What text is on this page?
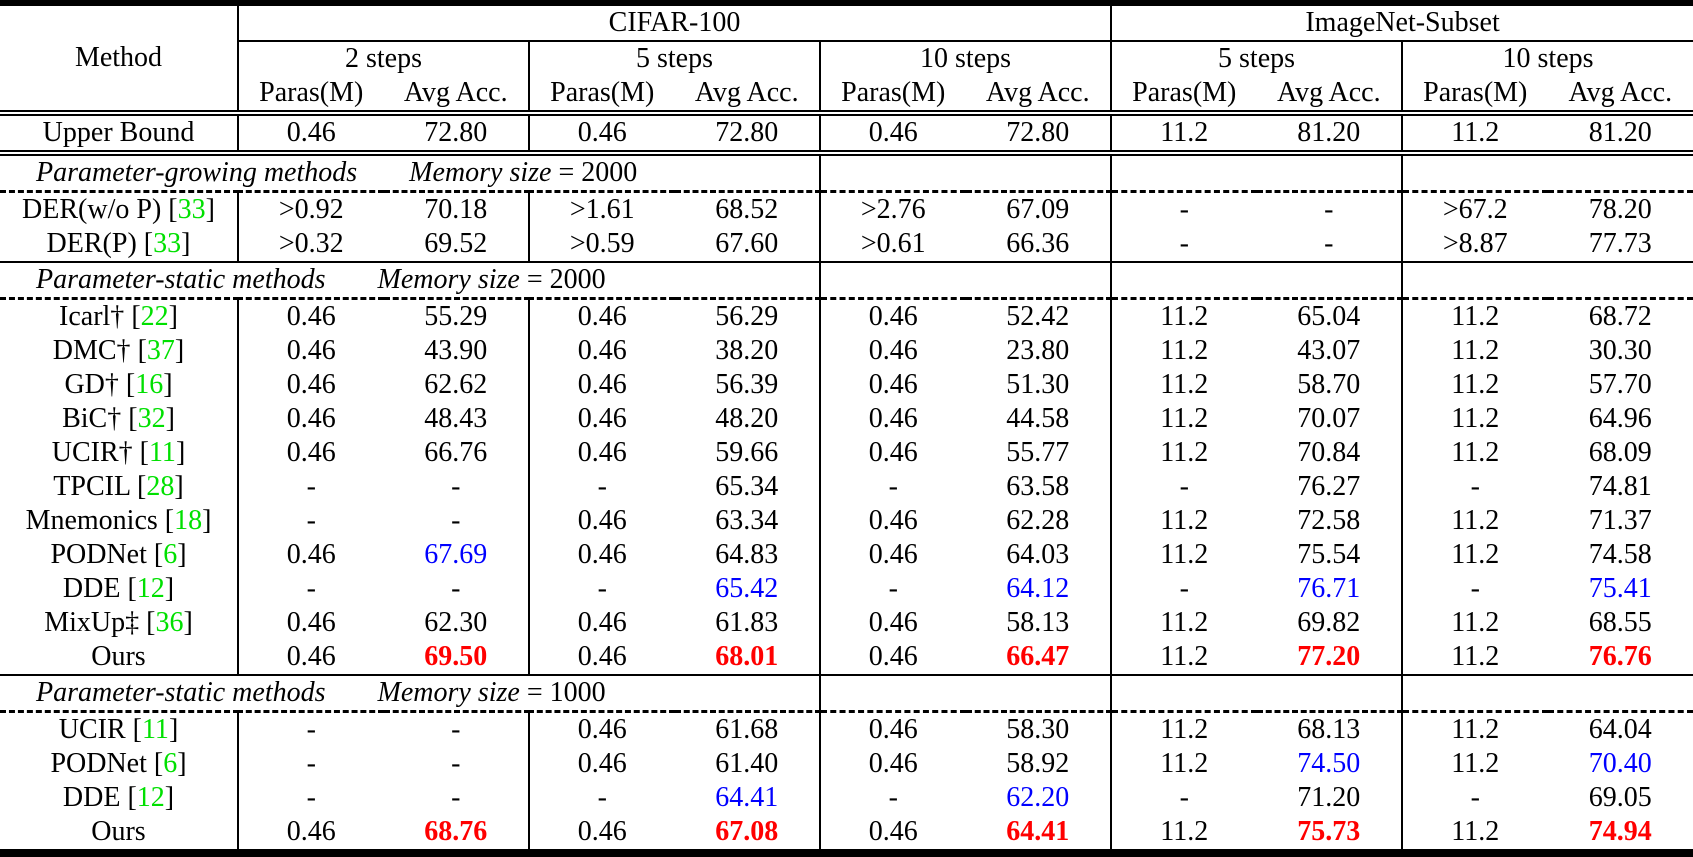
Method	CIFAR-100						ImageNet-Subset			
	2 steps		5 steps		10 steps		5 steps		10 steps	
	Paras(M)	Avg Acc.	Paras(M)	Avg Acc.	Paras(M)	Avg Acc.	Paras(M)	Avg Acc.	Paras(M)	Avg Acc.
Upper Bound	0.46	72.80	0.46	72.80	0.46	72.80	11.2	81.20	11.2	81.20
Parameter-growing methods Memory size = 2000										
DER(w/o P) [33]	>0.92	70.18	>1.61	68.52	>2.76	67.09	-	-	>67.2	78.20
DER(P) [33]	>0.32	69.52	>0.59	67.60	>0.61	66.36	-	-	>8.87	77.73
Parameter-static methods Memory size = 2000										
Icarl† [22]	0.46	55.29	0.46	56.29	0.46	52.42	11.2	65.04	11.2	68.72
DMC† [37]	0.46	43.90	0.46	38.20	0.46	23.80	11.2	43.07	11.2	30.30
GD† [16]	0.46	62.62	0.46	56.39	0.46	51.30	11.2	58.70	11.2	57.70
BiC† [32]	0.46	48.43	0.46	48.20	0.46	44.58	11.2	70.07	11.2	64.96
UCIR† [11]	0.46	66.76	0.46	59.66	0.46	55.77	11.2	70.84	11.2	68.09
TPCIL [28]	-	-	-	65.34	-	63.58	-	76.27	-	74.81
Mnemonics [18]	-	-	0.46	63.34	0.46	62.28	11.2	72.58	11.2	71.37
PODNet [6]	0.46	67.69	0.46	64.83	0.46	64.03	11.2	75.54	11.2	74.58
DDE [12]	-	-	-	65.42	-	64.12	-	76.71	-	75.41
MixUp‡ [36]	0.46	62.30	0.46	61.83	0.46	58.13	11.2	69.82	11.2	68.55
Ours	0.46	69.50	0.46	68.01	0.46	66.47	11.2	77.20	11.2	76.76
Parameter-static methods Memory size = 1000										
UCIR [11]	-	-	0.46	61.68	0.46	58.30	11.2	68.13	11.2	64.04
PODNet [6]	-	-	0.46	61.40	0.46	58.92	11.2	74.50	11.2	70.40
DDE [12]	-	-	-	64.41	-	62.20	-	71.20	-	69.05
Ours	0.46	68.76	0.46	67.08	0.46	64.41	11.2	75.73	11.2	74.94
